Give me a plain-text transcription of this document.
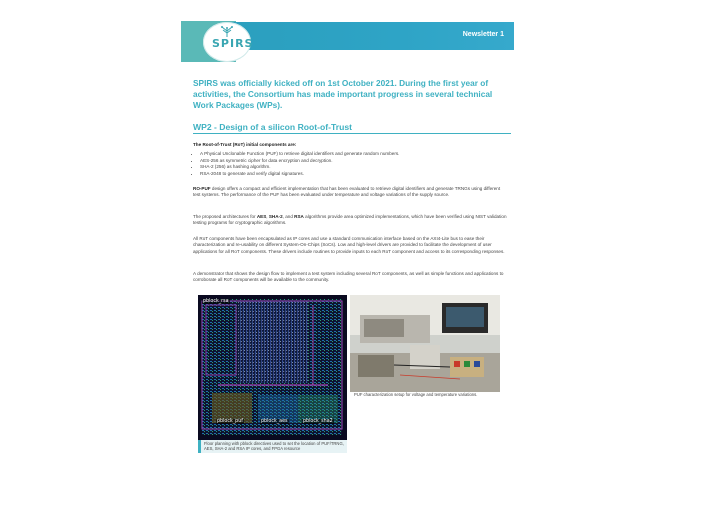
SPIRS
Newsletter 1
SPIRS was officially kicked off on 1st October 2021. During the first year of activities, the Consortium has made important progress in several technical Work Packages (WPs).
WP2 - Design of a silicon Root-of-Trust
The Root-of-Trust (RoT) initial components are:
• A Physical Unclonable Function (PUF) to retrieve digital identifiers and generate random numbers.
• AES-256 as symmetric cipher for data encryption and decryption.
• SHA-2 (256) as hashing algorithm.
• RSA-2048 to generate and verify digital signatures.
RO-PUF design offers a compact and efficient implementation that has been evaluated to retrieve digital identifiers and generate TRNGs using different test systems. The performance of the PUF has been evaluated under temperature and voltage variations of the supply source.
The proposed architectures for AES, SHA-2, and RSA algorithms provide area optimized implementations, which have been verified using NIST validation testing programs for cryptographic algorithms.
All RoT components have been encapsulated as IP cores and use a standard communication interface based on the AXI4-Lite bus to ease their characterization and re-usability on different System-On-Chips (SoCs). Low and high-level drivers are provided to facilitate the development of user applications for all RoT components. These drivers include routines to provide inputs to each RoT component and access to its corresponding responses.
A demonstrator that shows the design flow to implement a test system including several RoT components, as well as simple functions and applications to corroborate all RoT components will be available to the community.
pblock_rsa
pblock_puf	pblock_aes	pblock_sha2
Floor planning with pblock directives used to set the location of PUF/TRNG, AES, SHA-2 and RSA IP cores, and FPGA resource
PUF characterization setup for voltage and temperature variations.
